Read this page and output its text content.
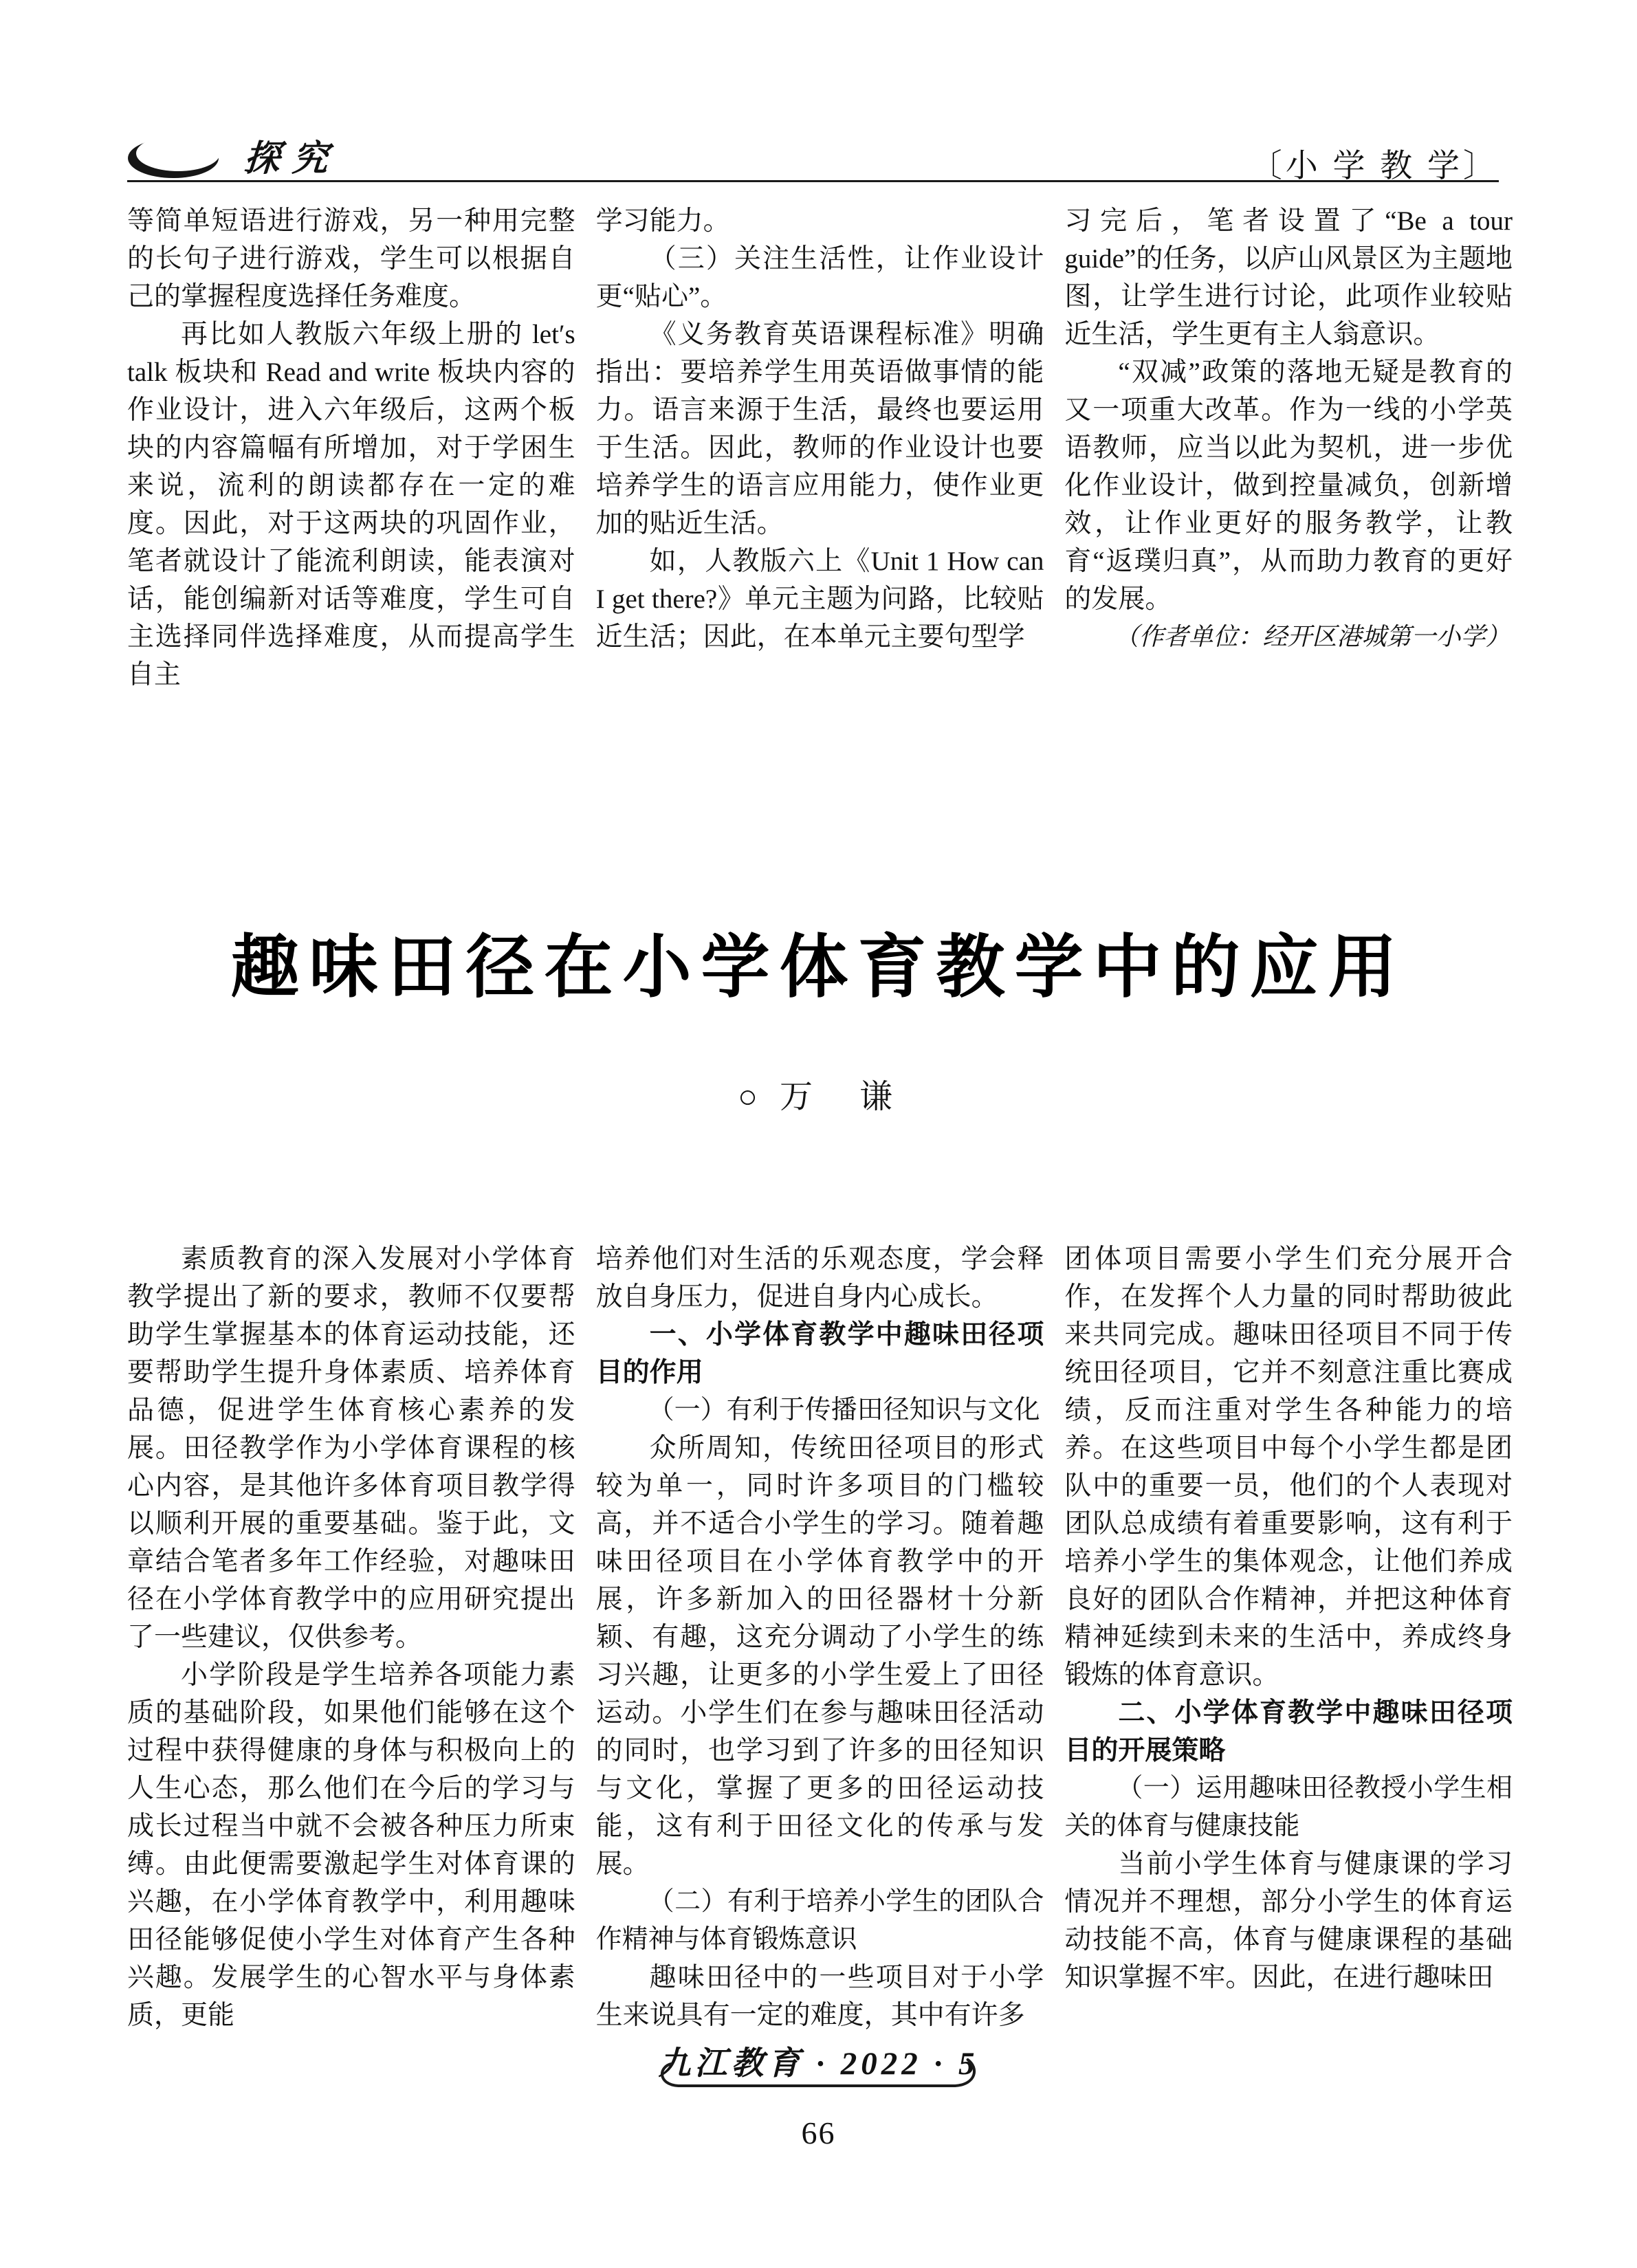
探究	〔小 学 教 学〕

等简单短语进行游戏，另一种用完整的长句子进行游戏，学生可以根据自己的掌握程度选择任务难度。

再比如人教版六年级上册的 let′s talk 板块和 Read and write 板块内容的作业设计，进入六年级后，这两个板块的内容篇幅有所增加，对于学困生来说，流利的朗读都存在一定的难度。因此，对于这两块的巩固作业，笔者就设计了能流利朗读，能表演对话，能创编新对话等难度，学生可自主选择同伴选择难度，从而提高学生自主

学习能力。

（三）关注生活性，让作业设计更“贴心”。

《义务教育英语课程标准》明确指出：要培养学生用英语做事情的能力。语言来源于生活，最终也要运用于生活。因此，教师的作业设计也要培养学生的语言应用能力，使作业更加的贴近生活。

如，人教版六上《Unit 1 How can I get there?》单元主题为问路，比较贴近生活；因此，在本单元主要句型学

习完后，笔者设置了“Be a tour guide”的任务，以庐山风景区为主题地图，让学生进行讨论，此项作业较贴近生活，学生更有主人翁意识。

“双减”政策的落地无疑是教育的又一项重大改革。作为一线的小学英语教师，应当以此为契机，进一步优化作业设计，做到控量减负，创新增效，让作业更好的服务教学，让教育“返璞归真”，从而助力教育的更好的发展。

（作者单位：经开区港城第一小学）

趣味田径在小学体育教学中的应用
○ 万　谦

素质教育的深入发展对小学体育教学提出了新的要求，教师不仅要帮助学生掌握基本的体育运动技能，还要帮助学生提升身体素质、培养体育品德，促进学生体育核心素养的发展。田径教学作为小学体育课程的核心内容，是其他许多体育项目教学得以顺利开展的重要基础。鉴于此，文章结合笔者多年工作经验，对趣味田径在小学体育教学中的应用研究提出了一些建议，仅供参考。

小学阶段是学生培养各项能力素质的基础阶段，如果他们能够在这个过程中获得健康的身体与积极向上的人生心态，那么他们在今后的学习与成长过程当中就不会被各种压力所束缚。由此便需要激起学生对体育课的兴趣，在小学体育教学中，利用趣味田径能够促使小学生对体育产生各种兴趣。发展学生的心智水平与身体素质，更能

培养他们对生活的乐观态度，学会释放自身压力，促进自身内心成长。

一、小学体育教学中趣味田径项目的作用

（一）有利于传播田径知识与文化

众所周知，传统田径项目的形式较为单一，同时许多项目的门槛较高，并不适合小学生的学习。随着趣味田径项目在小学体育教学中的开展，许多新加入的田径器材十分新颖、有趣，这充分调动了小学生的练习兴趣，让更多的小学生爱上了田径运动。小学生们在参与趣味田径活动的同时，也学习到了许多的田径知识与文化，掌握了更多的田径运动技能，这有利于田径文化的传承与发展。

（二）有利于培养小学生的团队合作精神与体育锻炼意识

趣味田径中的一些项目对于小学生来说具有一定的难度，其中有许多

团体项目需要小学生们充分展开合作，在发挥个人力量的同时帮助彼此来共同完成。趣味田径项目不同于传统田径项目，它并不刻意注重比赛成绩，反而注重对学生各种能力的培养。在这些项目中每个小学生都是团队中的重要一员，他们的个人表现对团队总成绩有着重要影响，这有利于培养小学生的集体观念，让他们养成良好的团队合作精神，并把这种体育精神延续到未来的生活中，养成终身锻炼的体育意识。

二、小学体育教学中趣味田径项目的开展策略

（一）运用趣味田径教授小学生相关的体育与健康技能

当前小学生体育与健康课的学习情况并不理想，部分小学生的体育运动技能不高，体育与健康课程的基础知识掌握不牢。因此，在进行趣味田

九江教育 · 2022 · 5
66
